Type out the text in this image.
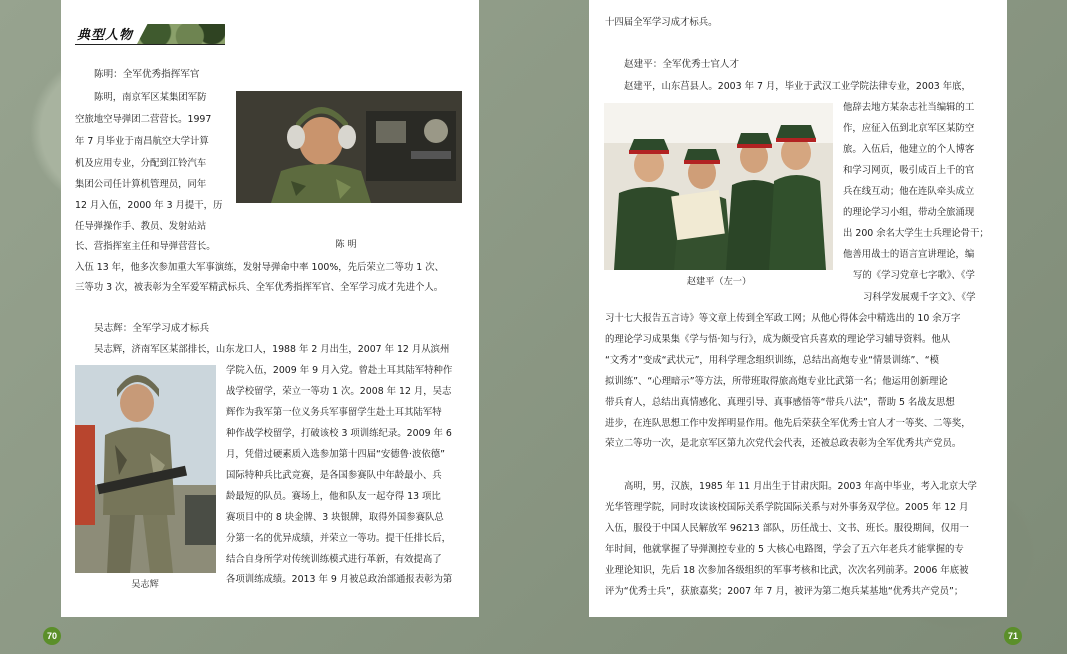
典型人物
陈明：全军优秀指挥军官
陈明，南京军区某集团军防
空旅地空导弹团二营营长。1997
年 7 月毕业于南昌航空大学计算
机及应用专业，分配到江铃汽车
集团公司任计算机管理员，同年
12 月入伍，2000 年 3 月提干，历
任导弹操作手、教员、发射站站
长、营指挥室主任和导弹营营长。	陈 明
入伍 13 年，他多次参加重大军事演练，发射导弹命中率 100%，先后荣立二等功 1 次、
三等功 3 次，被表彰为全军爱军精武标兵、全军优秀指挥军官、全军学习成才先进个人。
吴志辉：全军学习成才标兵
吴志辉，济南军区某部排长，山东龙口人，1988 年 2 月出生，2007 年 12 月从滨州
吴志辉
学院入伍，2009 年 9 月入党。曾赴土耳其陆军特种作
战学校留学，荣立一等功 1 次。2008 年 12 月，吴志
辉作为我军第一位义务兵军事留学生赴土耳其陆军特
种作战学校留学，打破该校 3 项训练纪录。2009 年 6
月，凭借过硬素质入选参加第十四届“安德鲁·波依德”
国际特种兵比武竞赛，是各国参赛队中年龄最小、兵
龄最短的队员。赛场上，他和队友一起夺得 13 项比
赛项目中的 8 块金牌、3 块银牌，取得外国参赛队总
分第一名的优异成绩，并荣立一等功。提干任排长后，
结合自身所学对传统训练模式进行革新，有效提高了
各项训练成绩。2013 年 9 月被总政治部通报表彰为第
十四届全军学习成才标兵。
赵建平：全军优秀士官人才
赵建平，山东莒县人。2003 年 7 月，毕业于武汉工业学院法律专业，2003 年底，
赵建平（左一）
他辞去地方某杂志社当编辑的工
作，应征入伍到北京军区某防空
旅。入伍后，他建立的个人博客
和学习网页，吸引成百上千的官
兵在线互动；他在连队牵头成立
的理论学习小组，带动全旅涌现
出 200 余名大学生士兵理论骨干；
他善用战士的语言宣讲理论，编
写的《学习党章七字歌》、《学
习科学发展观千字文》、《学
习十七大报告五言诗》等文章上传到全军政工网；从他心得体会中精选出的 10 余万字
的理论学习成果集《学与悟·知与行》，成为颇受官兵喜欢的理论学习辅导资料。他从
“文秀才”变成“武状元”，用科学理念组织训练，总结出高炮专业“情景训练”、“模
拟训练”、“心理暗示”等方法，所带班取得旅高炮专业比武第一名；他运用创新理论
带兵育人，总结出真情感化、真理引导、真事感悟等“带兵八法”，帮助 5 名战友思想
进步，在连队思想工作中发挥明显作用。他先后荣获全军优秀士官人才一等奖、二等奖，
荣立二等功一次，是北京军区第九次党代会代表，还被总政表彰为全军优秀共产党员。
高明，男，汉族，1985 年 11 月出生于甘肃庆阳。2003 年高中毕业，考入北京大学
光华管理学院，同时攻读该校国际关系学院国际关系与对外事务双学位。2005 年 12 月
入伍，服役于中国人民解放军 96213 部队，历任战士、文书、班长。服役期间，仅用一
年时间，他就掌握了导弹测控专业的 5 大核心电路图，学会了五六年老兵才能掌握的专
业理论知识，先后 18 次参加各级组织的军事考核和比武，次次名列前茅。2006 年底被
评为“优秀士兵”，获旅嘉奖；2007 年 7 月，被评为第二炮兵某基地“优秀共产党员”；
70	71
